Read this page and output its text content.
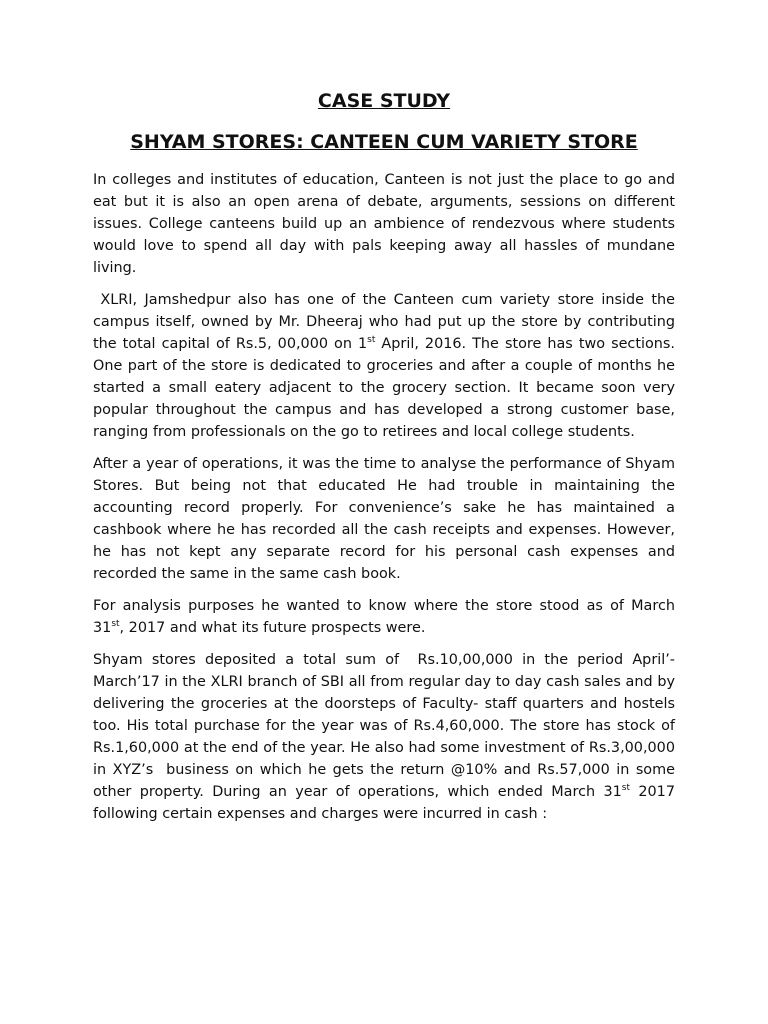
CASE STUDY
SHYAM STORES: CANTEEN CUM VARIETY STORE

In colleges and institutes of education, Canteen is not just the place to go and eat but it is also an open arena of debate, arguments, sessions on different issues. College canteens build up an ambience of rendezvous where students would love to spend all day with pals keeping away all hassles of mundane living.

XLRI, Jamshedpur also has one of the Canteen cum variety store inside the campus itself, owned by Mr. Dheeraj who had put up the store by contributing the total capital of Rs.5, 00,000 on 1st April, 2016. The store has two sections. One part of the store is dedicated to groceries and after a couple of months he started a small eatery adjacent to the grocery section. It became soon very popular throughout the campus and has developed a strong customer base, ranging from professionals on the go to retirees and local college students.

After a year of operations, it was the time to analyse the performance of Shyam Stores. But being not that educated He had trouble in maintaining the accounting record properly. For convenience’s sake he has maintained a cashbook where he has recorded all the cash receipts and expenses. However, he has not kept any separate record for his personal cash expenses and recorded the same in the same cash book.

For analysis purposes he wanted to know where the store stood as of March 31st, 2017 and what its future prospects were.

Shyam stores deposited a total sum of  Rs.10,00,000 in the period April’-March’17 in the XLRI branch of SBI all from regular day to day cash sales and by delivering the groceries at the doorsteps of Faculty- staff quarters and hostels too. His total purchase for the year was of Rs.4,60,000. The store has stock of Rs.1,60,000 at the end of the year. He also had some investment of Rs.3,00,000 in XYZ’s  business on which he gets the return @10% and Rs.57,000 in some other property. During an year of operations, which ended March 31st 2017 following certain expenses and charges were incurred in cash :
